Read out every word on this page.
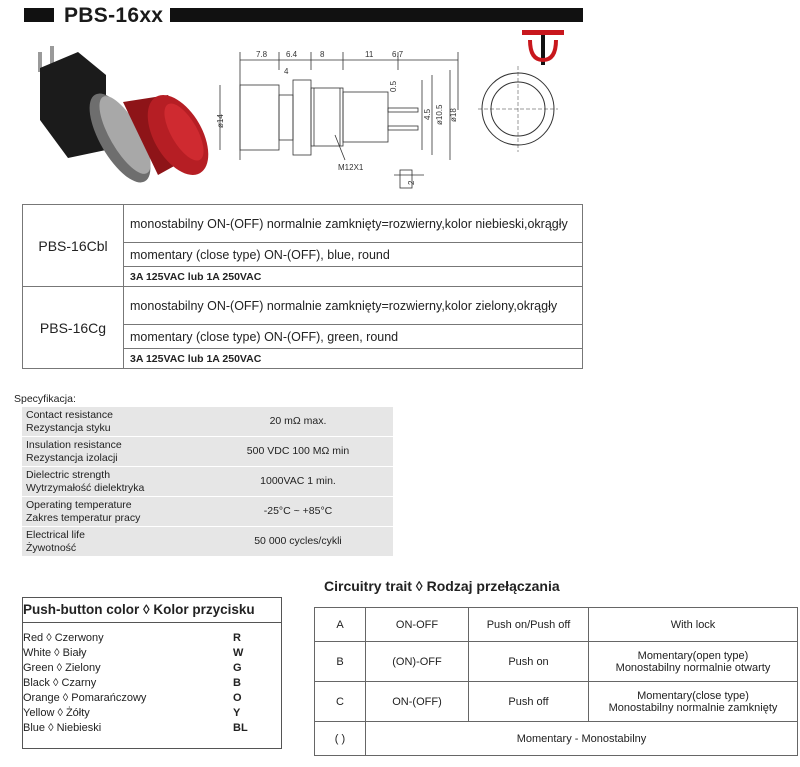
PBS-16xx
7.8 6.4	8	11 6.7
4
ø14
0.5
4.5 ø10.5 ø18
M12X1
2
PBS-16Cbl	monostabilny ON-(OFF) normalnie zamknięty=rozwierny,kolor niebieski,okrągły
	momentary (close type) ON-(OFF), blue, round
	3A 125VAC lub 1A 250VAC
PBS-16Cg	monostabilny ON-(OFF) normalnie zamknięty=rozwierny,kolor zielony,okrągły
	momentary (close type) ON-(OFF), green, round
	3A 125VAC lub 1A 250VAC
Specyfikacja:
Contact resistance
Rezystancja styku	20 mΩ max.
Insulation resistance
Rezystancja izolacji	500 VDC 100 MΩ min
Dielectric strength
Wytrzymałość dielektryka	1000VAC 1 min.
Operating temperature
Zakres temperatur pracy	-25°C ~ +85°C
Electrical life
Żywotność	50 000 cycles/cykli
Push-button color ◊ Kolor przycisku
Red ◊ Czerwony	R
White ◊ Biały	W
Green ◊ Zielony	G
Black ◊ Czarny	B
Orange ◊ Pomarańczowy	O
Yellow ◊ Żółty	Y
Blue ◊ Niebieski	BL
Circuitry trait ◊ Rodzaj przełączania
A	ON-OFF	Push on/Push off	With lock
B	(ON)-OFF	Push on	Momentary(open type)
Monostabilny normalnie otwarty
C	ON-(OFF)	Push off	Momentary(close type)
Monostabilny normalnie zamknięty
( )	Momentary - Monostabilny		
